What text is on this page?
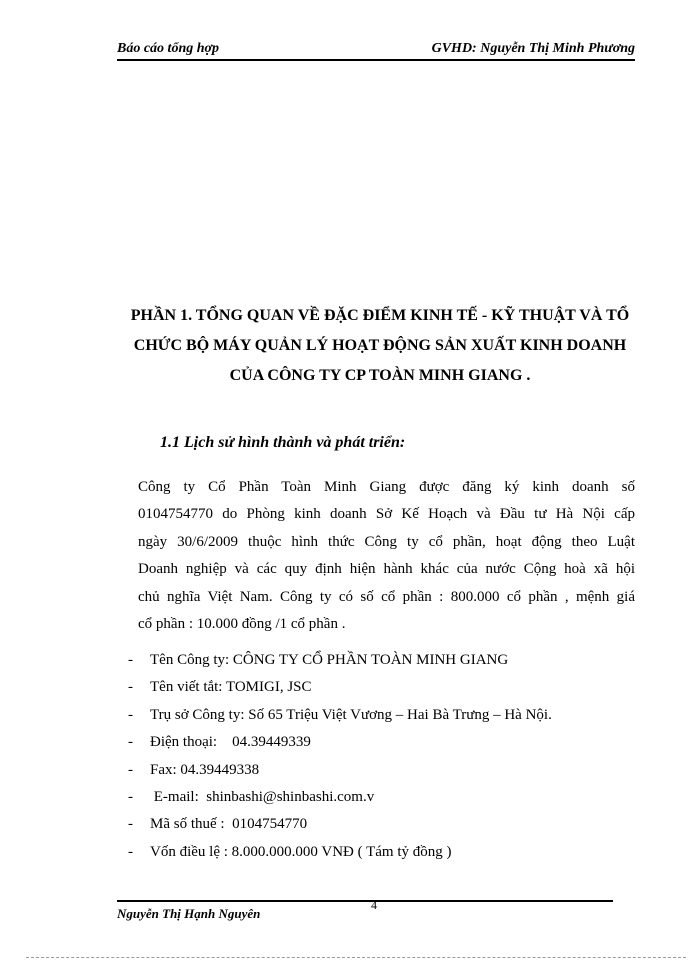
Báo cáo tổng hợp	GVHD: Nguyễn Thị Minh Phương
PHẦN 1. TỔNG QUAN VỀ ĐẶC ĐIỂM KINH TẾ - KỸ THUẬT VÀ TỔ
CHỨC BỘ MÁY QUẢN LÝ HOẠT ĐỘNG SẢN XUẤT KINH DOANH
CỦA CÔNG TY CP TOÀN MINH GIANG .
1.1 Lịch sử hình thành và phát triển:
Công ty Cổ Phần Toàn Minh Giang được đăng ký kinh doanh số
0104754770 do Phòng kinh doanh Sở Kế Hoạch và Đầu tư Hà Nội cấp
ngày 30/6/2009 thuộc hình thức Công ty cổ phần, hoạt động theo Luật
Doanh nghiệp và các quy định hiện hành khác của nước Cộng hoà xã hội
chủ nghĩa Việt Nam. Công ty có số cổ phần : 800.000 cổ phần , mệnh giá
cổ phần : 10.000 đồng /1 cổ phần .
- Tên Công ty: CÔNG TY CỔ PHẦN TOÀN MINH GIANG
- Tên viết tắt: TOMIGI, JSC
- Trụ sở Công ty: Số 65 Triệu Việt Vương – Hai Bà Trưng – Hà Nội.
- Điện thoại:    04.39449339
- Fax: 04.39449338
- E-mail:  shinbashi@shinbashi.com.v
- Mã số thuế :  0104754770
- Vốn điều lệ : 8.000.000.000 VNĐ ( Tám tỷ đồng )
Nguyễn Thị Hạnh Nguyên
4
